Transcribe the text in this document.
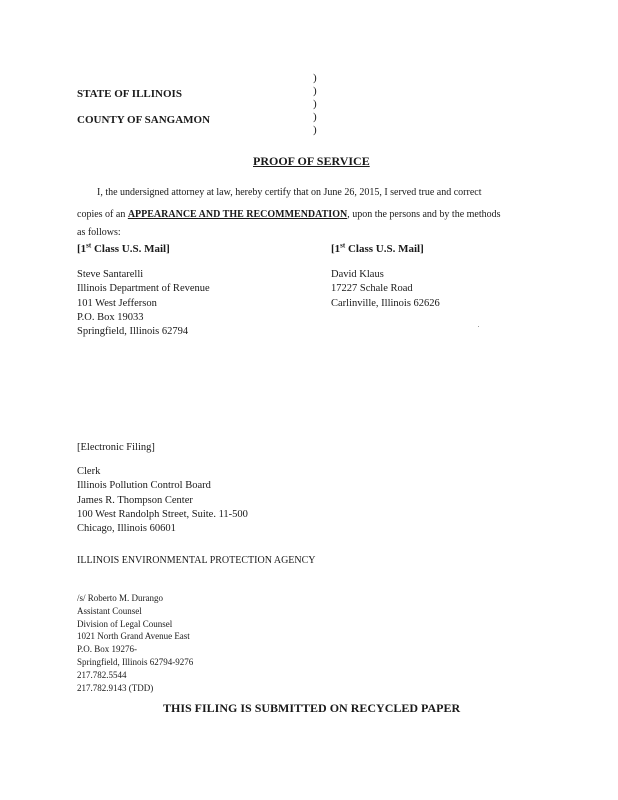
STATE OF ILLINOIS
COUNTY OF SANGAMON
)
)
)
)
)
PROOF OF SERVICE
I, the undersigned attorney at law, hereby certify that on June 26, 2015, I served true and correct
copies of an APPEARANCE AND THE RECOMMENDATION, upon the persons and by the methods
as follows:
[1st Class U.S. Mail]	[1st Class U.S. Mail]
Steve Santarelli
Illinois Department of Revenue
101 West Jefferson
P.O. Box 19033
Springfield, Illinois 62794
David Klaus
17227 Schale Road
Carlinville, Illinois 62626
[Electronic Filing]
Clerk
Illinois Pollution Control Board
James R. Thompson Center
100 West Randolph Street, Suite. 11-500
Chicago, Illinois 60601
ILLINOIS ENVIRONMENTAL PROTECTION AGENCY
/s/ Roberto M. Durango
Assistant Counsel
Division of Legal Counsel
1021 North Grand Avenue East
P.O. Box 19276-
Springfield, Illinois 62794-9276
217.782.5544
217.782.9143 (TDD)
THIS FILING IS SUBMITTED ON RECYCLED PAPER
